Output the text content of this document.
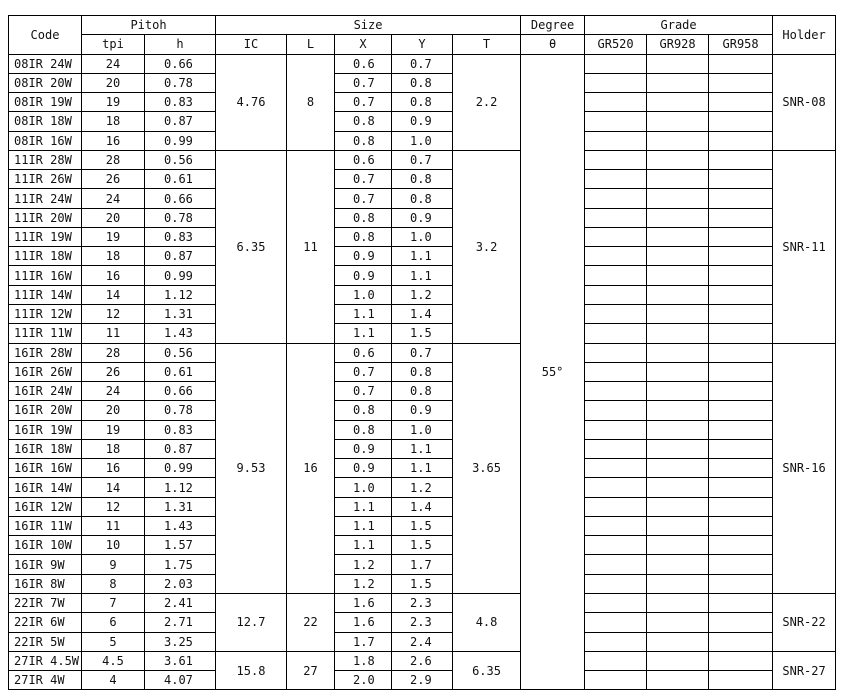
Code	Pitoh		Size					Degree	Grade			Holder
	tpi	h	IC	L	X	Y	T	θ	GR520	GR928	GR958	
08IR 24W	24	0.66	4.76	8	0.6	0.7	2.2	55°				SNR-08
08IR 20W	20	0.78			0.7	0.8						
08IR 19W	19	0.83			0.7	0.8						
08IR 18W	18	0.87			0.8	0.9						
08IR 16W	16	0.99			0.8	1.0						
11IR 28W	28	0.56	6.35	11	0.6	0.7	3.2					SNR-11
11IR 26W	26	0.61			0.7	0.8						
11IR 24W	24	0.66			0.7	0.8						
11IR 20W	20	0.78			0.8	0.9						
11IR 19W	19	0.83			0.8	1.0						
11IR 18W	18	0.87			0.9	1.1						
11IR 16W	16	0.99			0.9	1.1						
11IR 14W	14	1.12			1.0	1.2						
11IR 12W	12	1.31			1.1	1.4						
11IR 11W	11	1.43			1.1	1.5						
16IR 28W	28	0.56	9.53	16	0.6	0.7	3.65					SNR-16
16IR 26W	26	0.61			0.7	0.8						
16IR 24W	24	0.66			0.7	0.8						
16IR 20W	20	0.78			0.8	0.9						
16IR 19W	19	0.83			0.8	1.0						
16IR 18W	18	0.87			0.9	1.1						
16IR 16W	16	0.99			0.9	1.1						
16IR 14W	14	1.12			1.0	1.2						
16IR 12W	12	1.31			1.1	1.4						
16IR 11W	11	1.43			1.1	1.5						
16IR 10W	10	1.57			1.1	1.5						
16IR 9W	9	1.75			1.2	1.7						
16IR 8W	8	2.03			1.2	1.5						
22IR 7W	7	2.41	12.7	22	1.6	2.3	4.8					SNR-22
22IR 6W	6	2.71			1.6	2.3						
22IR 5W	5	3.25			1.7	2.4						
27IR 4.5W	4.5	3.61	15.8	27	1.8	2.6	6.35					SNR-27
27IR 4W	4	4.07			2.0	2.9						
